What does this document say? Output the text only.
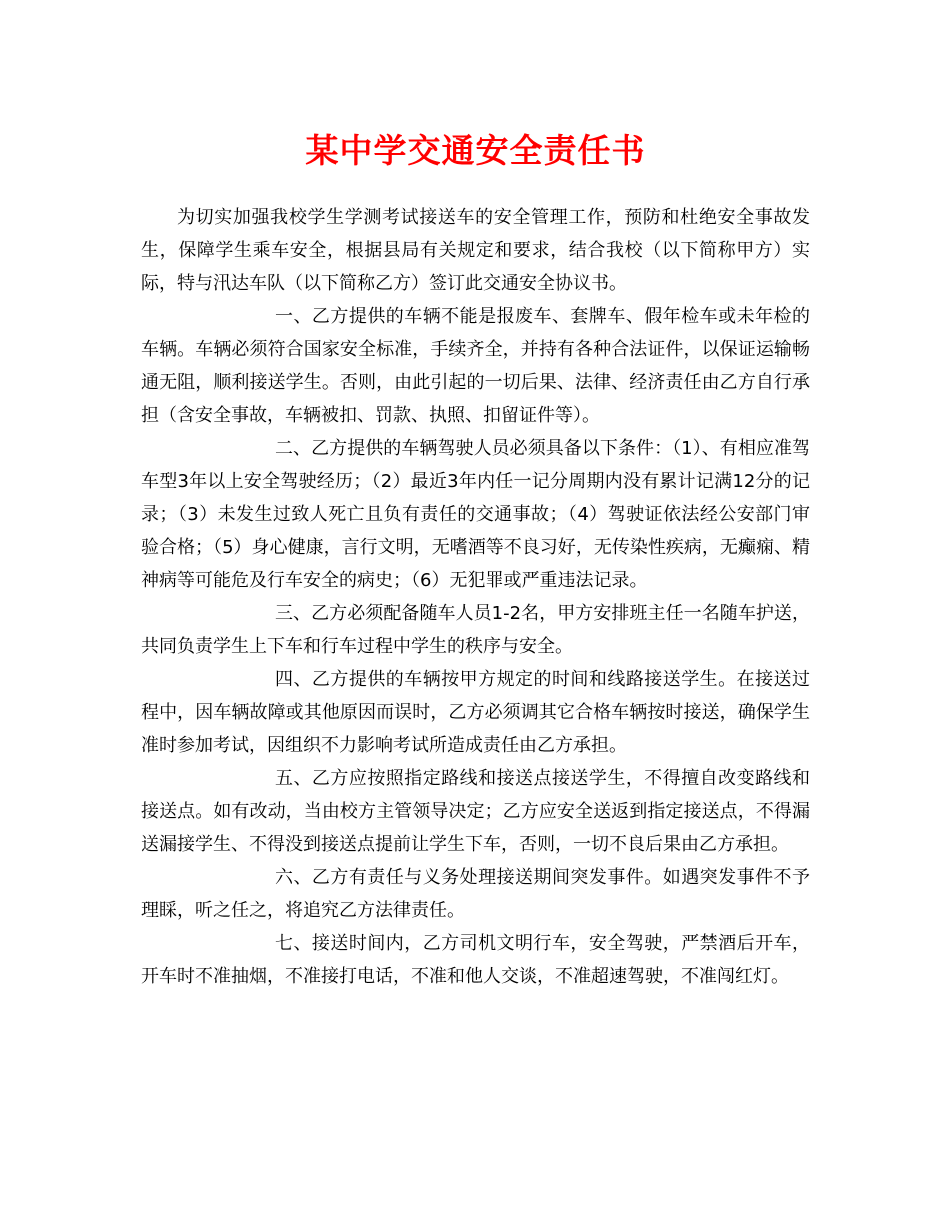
某中学交通安全责任书

为切实加强我校学生学测考试接送车的安全管理工作，预防和杜绝安全事故发生，保障学生乘车安全，根据县局有关规定和要求，结合我校（以下简称甲方）实际，特与汛达车队（以下简称乙方）签订此交通安全协议书。

一、乙方提供的车辆不能是报废车、套牌车、假年检车或未年检的车辆。车辆必须符合国家安全标准，手续齐全，并持有各种合法证件，以保证运输畅通无阻，顺利接送学生。否则，由此引起的一切后果、法律、经济责任由乙方自行承担（含安全事故，车辆被扣、罚款、执照、扣留证件等）。

二、乙方提供的车辆驾驶人员必须具备以下条件：（1）、有相应准驾车型3年以上安全驾驶经历；（2）最近3年内任一记分周期内没有累计记满12分的记录；（3）未发生过致人死亡且负有责任的交通事故；（4）驾驶证依法经公安部门审验合格；（5）身心健康，言行文明，无嗜酒等不良习好，无传染性疾病，无癫痫、精神病等可能危及行车安全的病史；（6）无犯罪或严重违法记录。

三、乙方必须配备随车人员1-2名，甲方安排班主任一名随车护送，共同负责学生上下车和行车过程中学生的秩序与安全。

四、乙方提供的车辆按甲方规定的时间和线路接送学生。在接送过程中，因车辆故障或其他原因而误时，乙方必须调其它合格车辆按时接送，确保学生准时参加考试，因组织不力影响考试所造成责任由乙方承担。

五、乙方应按照指定路线和接送点接送学生，不得擅自改变路线和接送点。如有改动，当由校方主管领导决定；乙方应安全送返到指定接送点，不得漏送漏接学生、不得没到接送点提前让学生下车，否则，一切不良后果由乙方承担。

六、乙方有责任与义务处理接送期间突发事件。如遇突发事件不予理睬，听之任之，将追究乙方法律责任。

七、接送时间内，乙方司机文明行车，安全驾驶，严禁酒后开车，开车时不准抽烟，不准接打电话，不准和他人交谈，不准超速驾驶，不准闯红灯。
